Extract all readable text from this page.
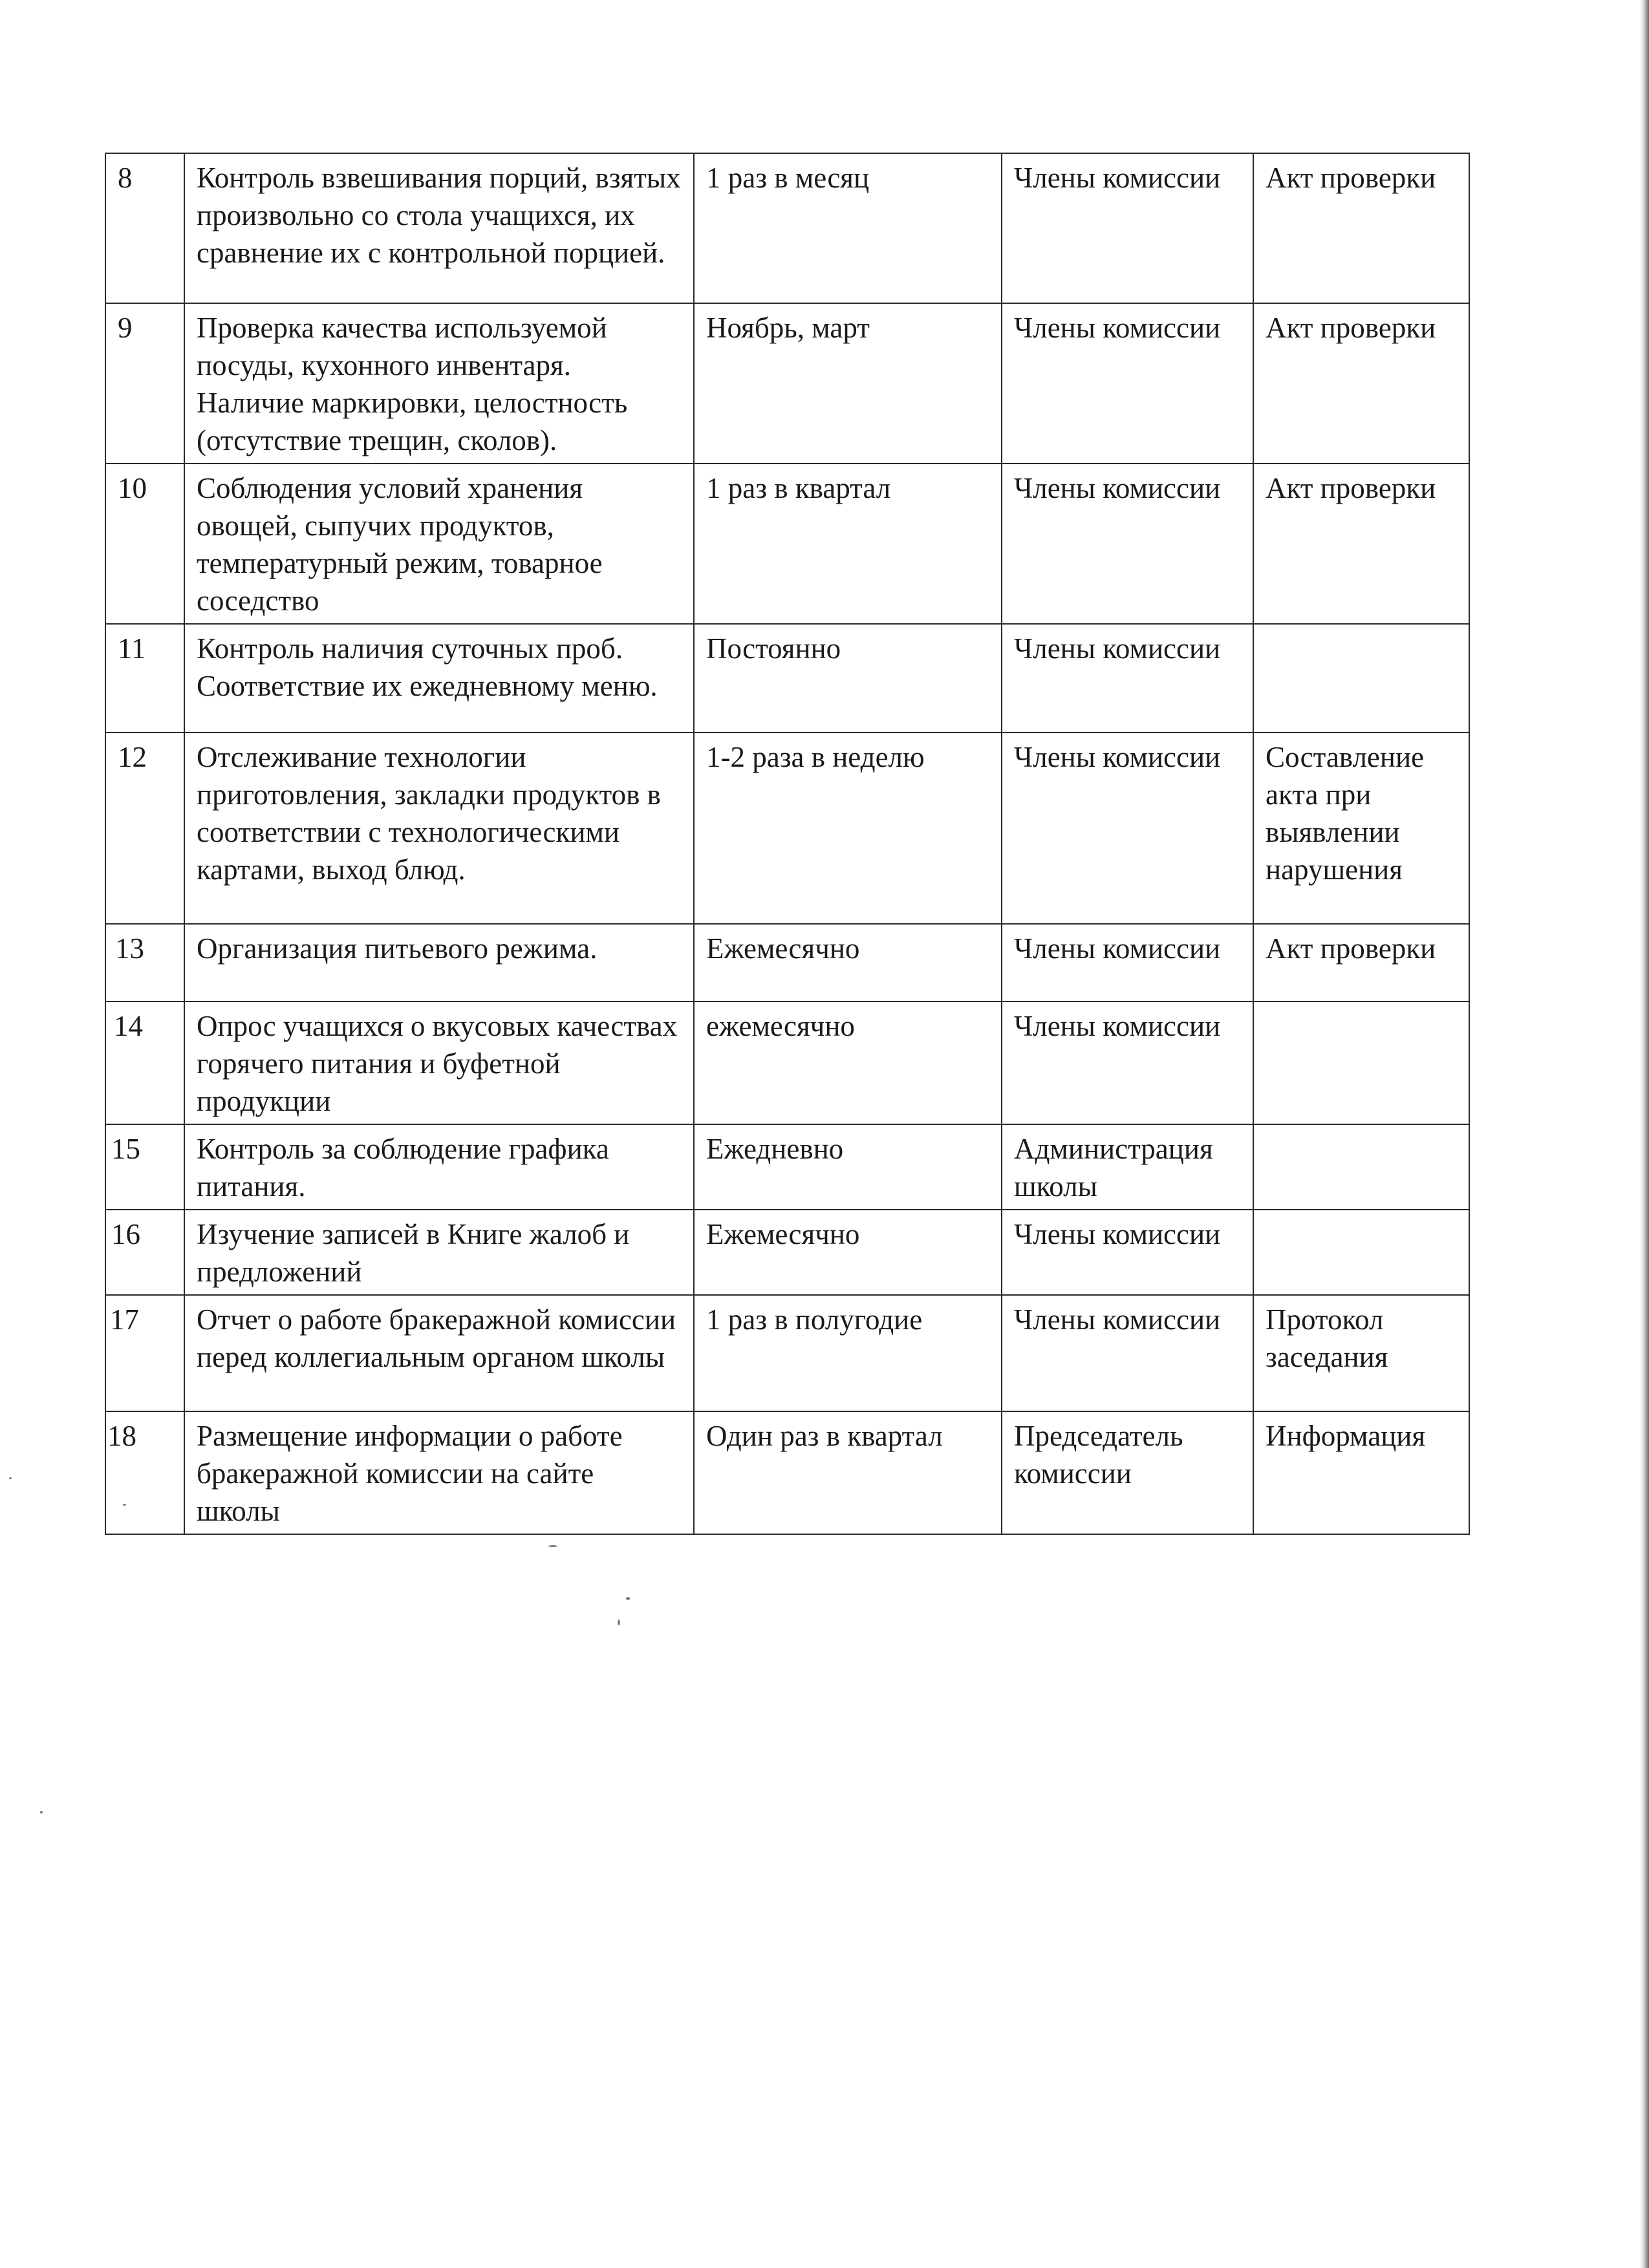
8	Контроль взвешивания порций, взятых произвольно со стола учащихся, их сравнение их с контрольной порцией.	1 раз в месяц	Члены комиссии	Акт проверки
9	Проверка качества используемой посуды, кухонного инвентаря. Наличие маркировки, целостность (отсутствие трещин, сколов).	Ноябрь, март	Члены комиссии	Акт проверки
10	Соблюдения условий хранения овощей, сыпучих продуктов, температурный режим, товарное соседство	1 раз в квартал	Члены комиссии	Акт проверки
11	Контроль наличия суточных проб. Соответствие их ежедневному меню.	Постоянно	Члены комиссии	
12	Отслеживание технологии приготовления, закладки продуктов в соответствии с технологическими картами, выход блюд.	1-2 раза в неделю	Члены комиссии	Составление акта при выявлении нарушения
13	Организация питьевого режима.	Ежемесячно	Члены комиссии	Акт проверки
14	Опрос учащихся о вкусовых качествах горячего питания и буфетной продукции	ежемесячно	Члены комиссии	
15	Контроль за соблюдение графика питания.	Ежедневно	Администрация школы	
16	Изучение записей в Книге жалоб и предложений	Ежемесячно	Члены комиссии	
17	Отчет о работе бракеражной комиссии перед коллегиальным органом школы	1 раз в полугодие	Члены комиссии	Протокол заседания
18	Размещение информации о работе бракеражной комиссии на сайте школы	Один раз в квартал	Председатель комиссии	Информация
